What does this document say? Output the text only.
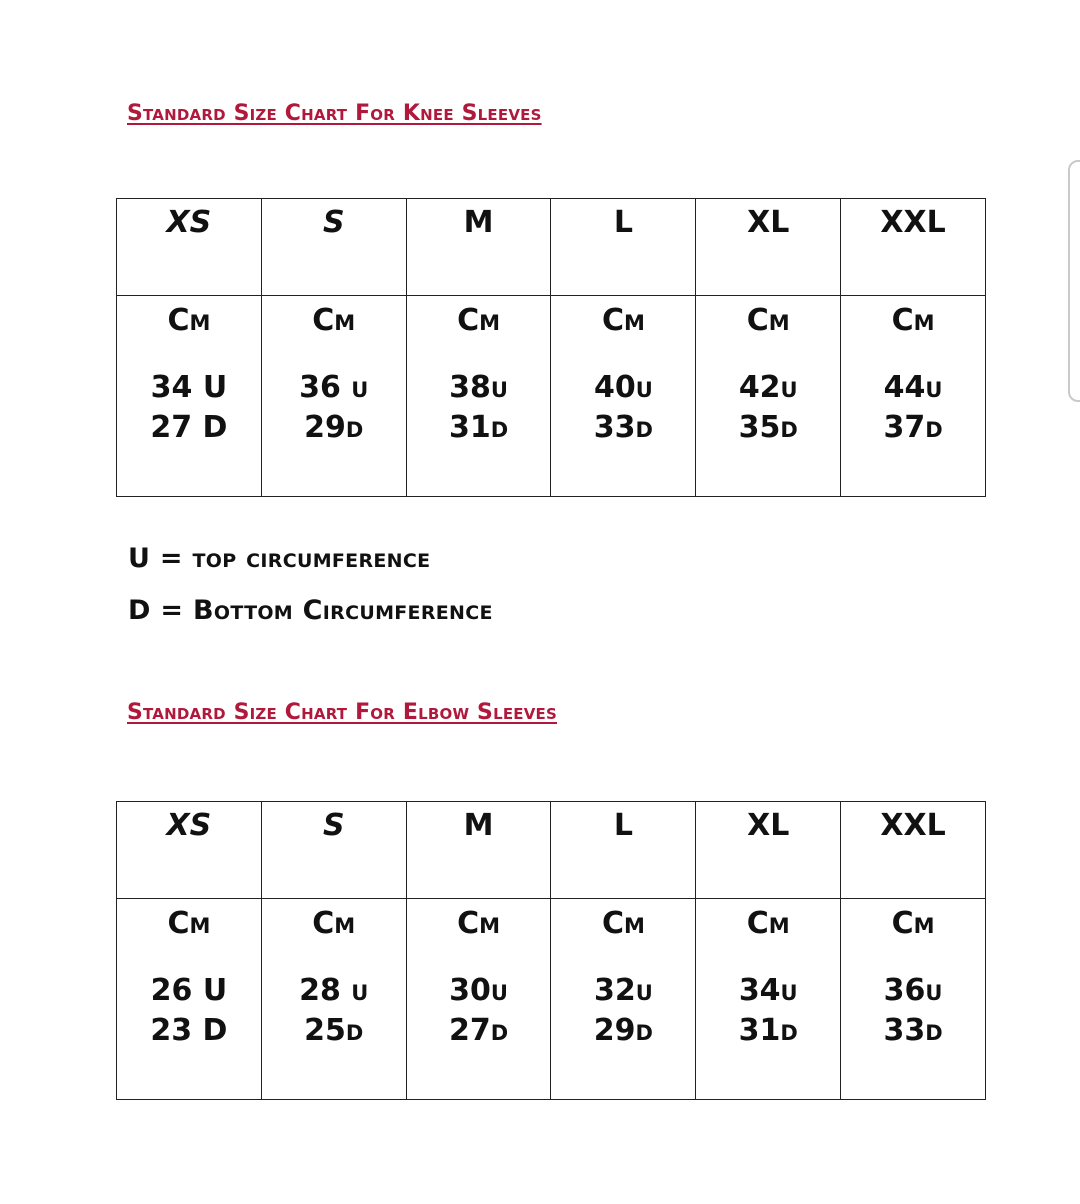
Standard Size Chart For Knee Sleeves
XS	S	M	L	XL	XXL

Cm
34 U
27 D	Cm
36 u
29d	Cm
38u
31d	Cm
40u
33d	Cm
42u
35d	Cm
44u
37d

U = top circumference

D = Bottom Circumference

Standard Size Chart For Elbow Sleeves
XS	S	M	L	XL	XXL

Cm
26 U
23 D	Cm
28 u
25d	Cm
30u
27d	Cm
32u
29d	Cm
34u
31d	Cm
36u
33d
